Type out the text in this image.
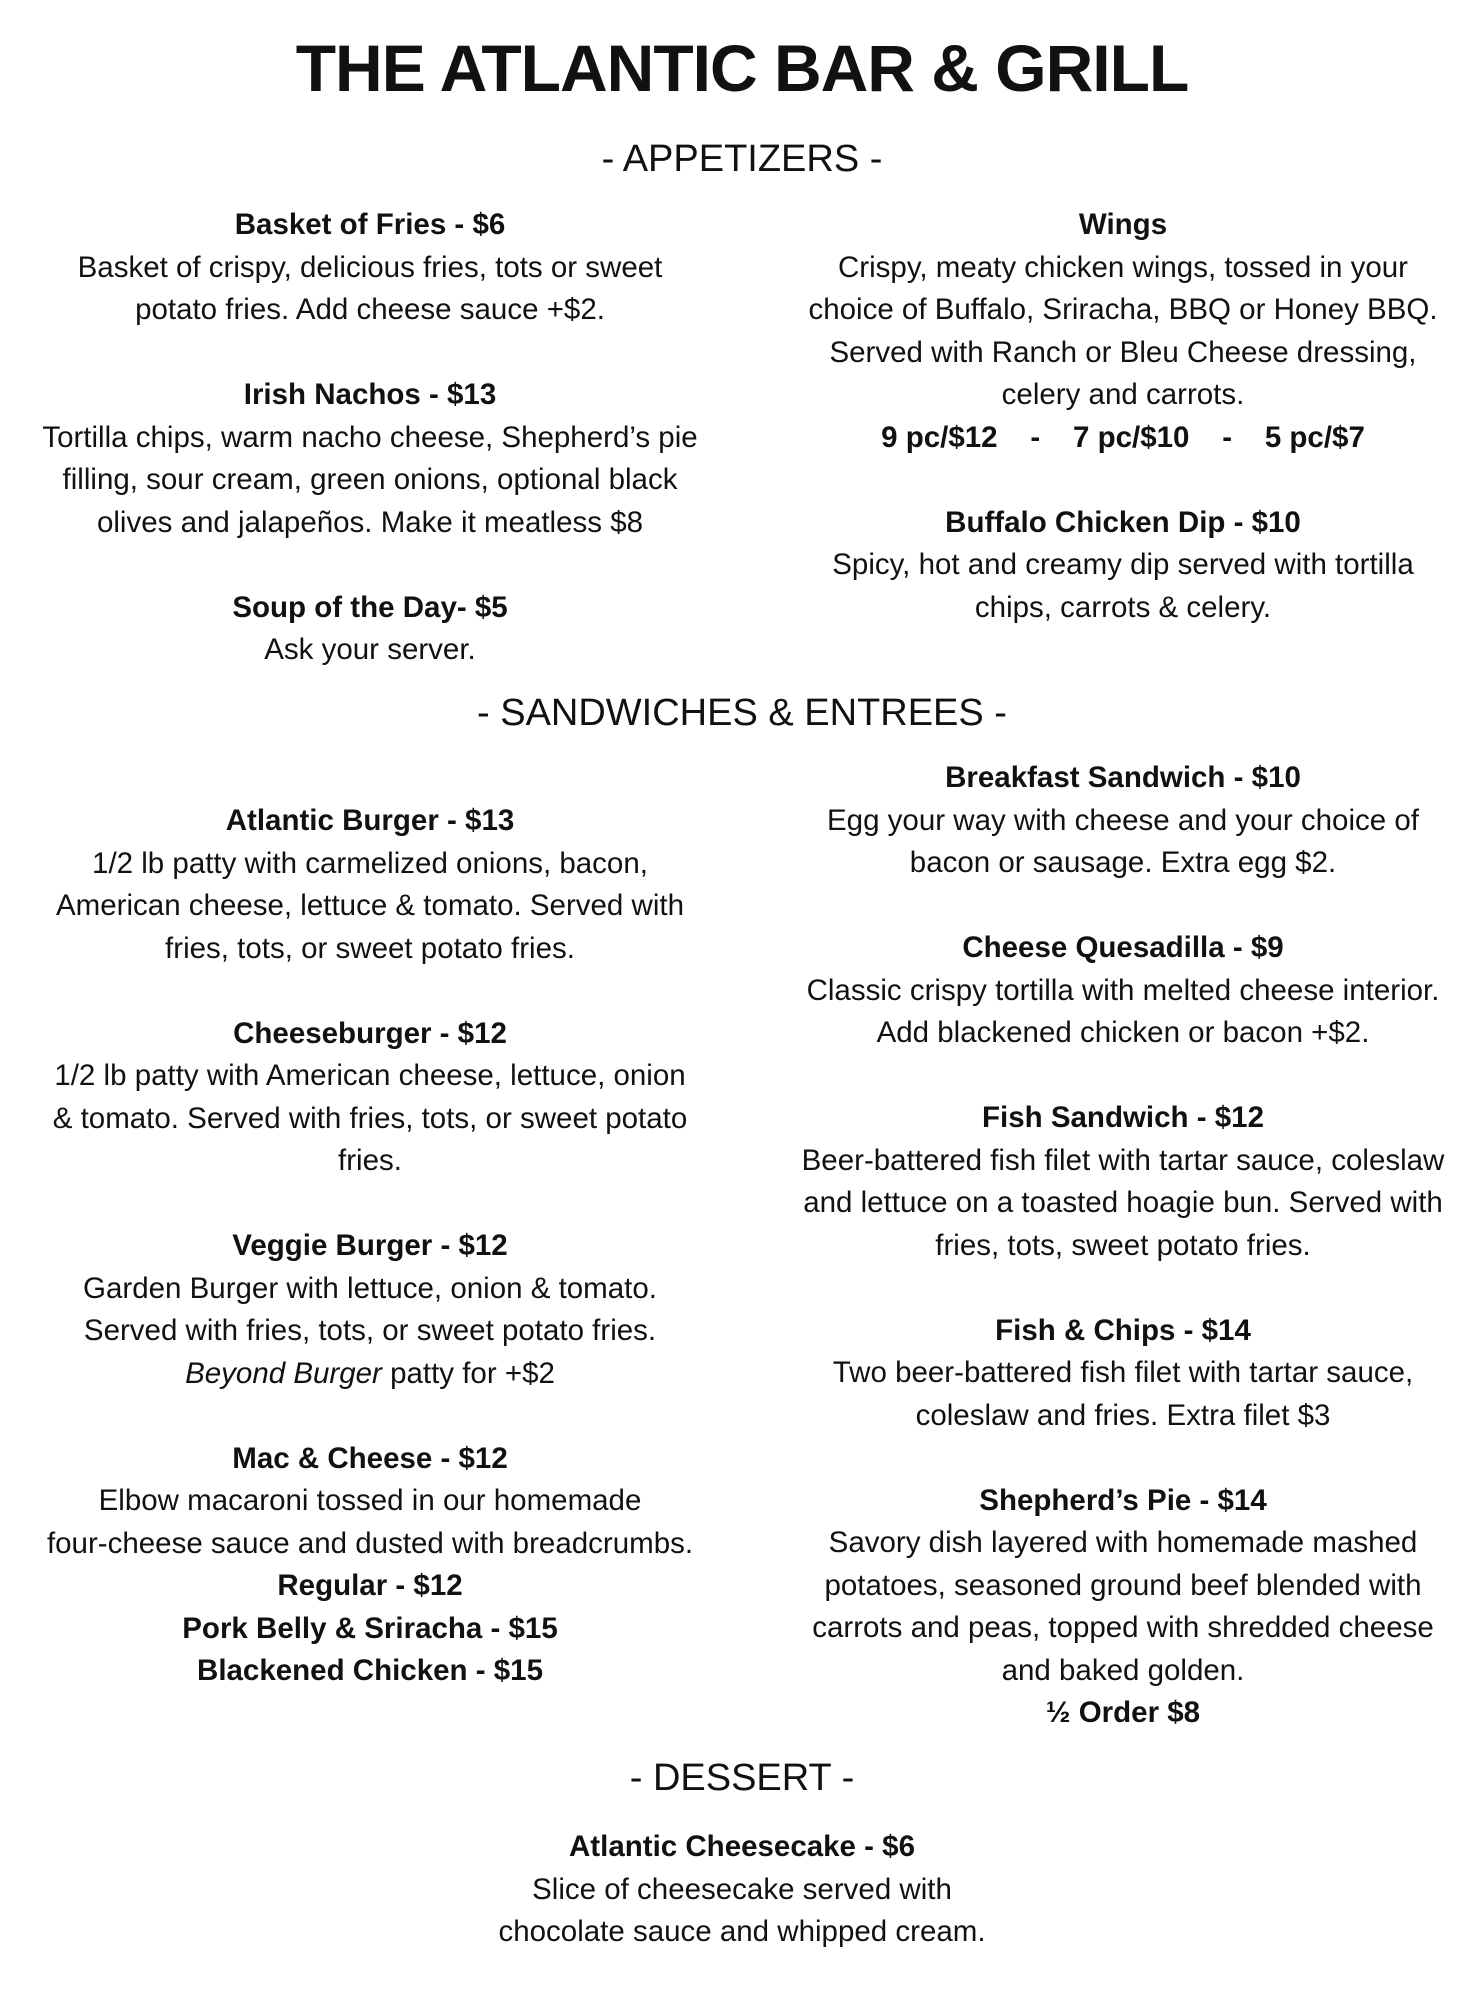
THE ATLANTIC BAR & GRILL
- APPETIZERS -
Basket of Fries - $6
Basket of crispy, delicious fries, tots or sweet
potato fries. Add cheese sauce +$2.
Irish Nachos - $13
Tortilla chips, warm nacho cheese, Shepherd’s pie
filling, sour cream, green onions, optional black
olives and jalapeños. Make it meatless $8
Soup of the Day- $5
Ask your server.
Wings
Crispy, meaty chicken wings, tossed in your
choice of Buffalo, Sriracha, BBQ or Honey BBQ.
Served with Ranch or Bleu Cheese dressing,
celery and carrots.
9 pc/$12    -    7 pc/$10    -    5 pc/$7
Buffalo Chicken Dip - $10
Spicy, hot and creamy dip served with tortilla
chips, carrots & celery.
- SANDWICHES & ENTREES -
Atlantic Burger - $13
1/2 lb patty with carmelized onions, bacon,
American cheese, lettuce & tomato. Served with
fries, tots, or sweet potato fries.
Cheeseburger - $12
1/2 lb patty with American cheese, lettuce, onion
& tomato. Served with fries, tots, or sweet potato
fries.
Veggie Burger - $12
Garden Burger with lettuce, onion & tomato.
Served with fries, tots, or sweet potato fries.
Beyond Burger patty for +$2
Mac & Cheese - $12
Elbow macaroni tossed in our homemade
four-cheese sauce and dusted with breadcrumbs.
Regular - $12
Pork Belly & Sriracha - $15
Blackened Chicken - $15
Breakfast Sandwich - $10
Egg your way with cheese and your choice of
bacon or sausage. Extra egg $2.
Cheese Quesadilla - $9
Classic crispy tortilla with melted cheese interior.
Add blackened chicken or bacon +$2.
Fish Sandwich - $12
Beer-battered fish filet with tartar sauce, coleslaw
and lettuce on a toasted hoagie bun. Served with
fries, tots, sweet potato fries.
Fish & Chips - $14
Two beer-battered fish filet with tartar sauce,
coleslaw and fries. Extra filet $3
Shepherd’s Pie - $14
Savory dish layered with homemade mashed
potatoes, seasoned ground beef blended with
carrots and peas, topped with shredded cheese
and baked golden.
½ Order $8
- DESSERT -
Atlantic Cheesecake - $6
Slice of cheesecake served with
chocolate sauce and whipped cream.
